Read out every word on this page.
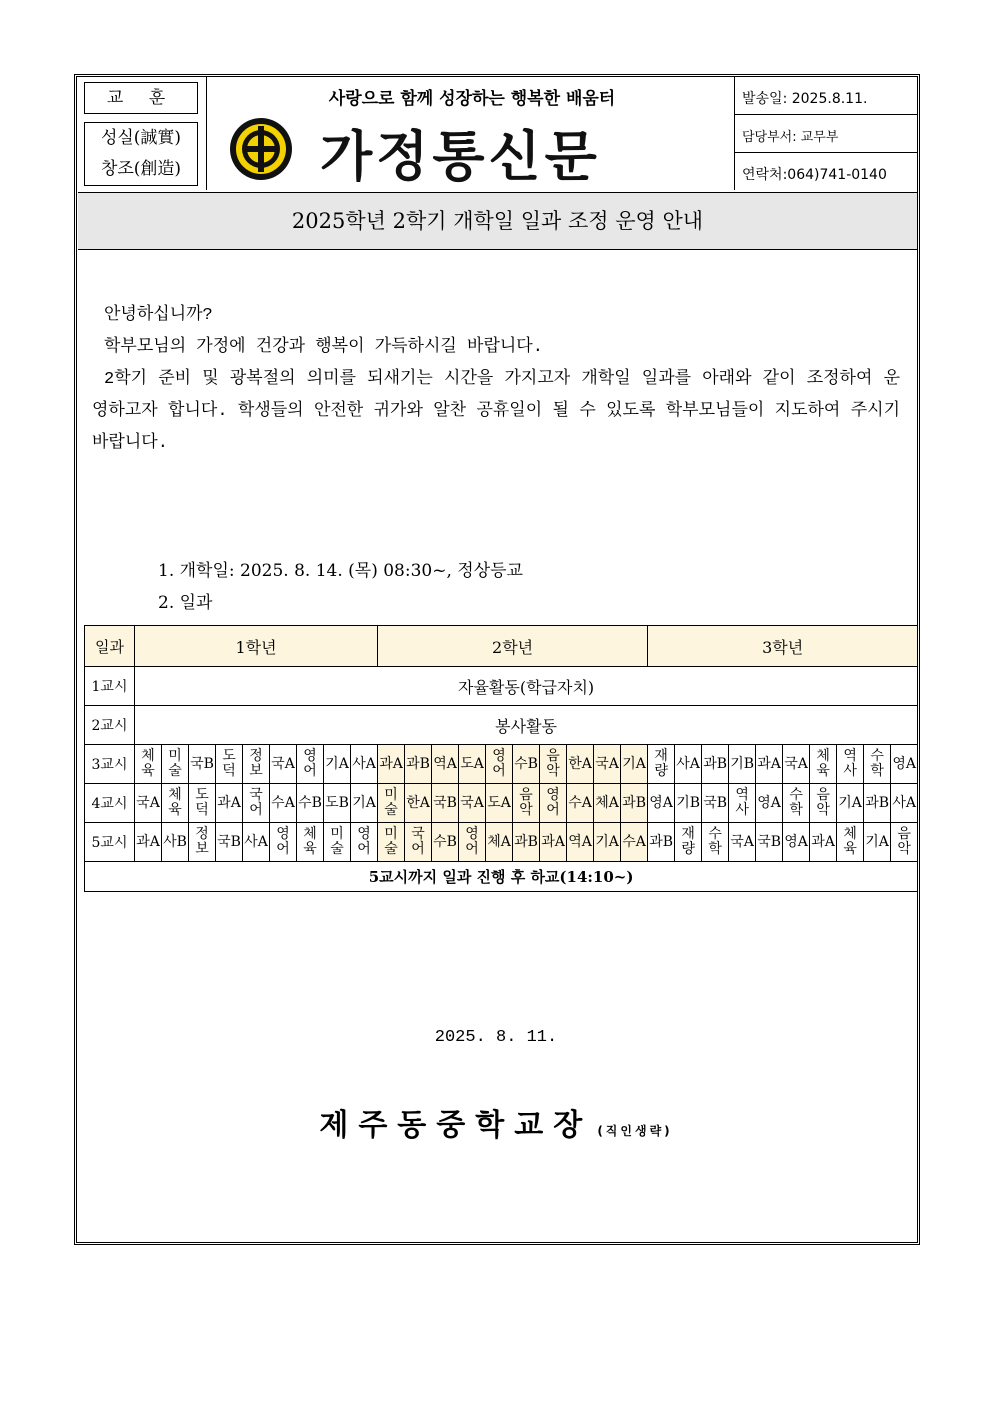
교 훈
성실(誠實)
창조(創造)
사랑으로 함께 성장하는 행복한 배움터
가정통신문
발송일: 2025.8.11.
담당부서: 교무부
연락처:064)741-0140
2025학년 2학기 개학일 일과 조정 운영 안내

안녕하십니까?

학부모님의 가정에 건강과 행복이 가득하시길 바랍니다.

2학기 준비 및 광복절의 의미를 되새기는 시간을 가지고자 개학일 일과를 아래와 같이 조정하여 운영하고자 합니다. 학생들의 안전한 귀가와 알찬 공휴일이 될 수 있도록 학부모님들이 지도하여 주시기 바랍니다.

1. 개학일: 2025. 8. 14. (목) 08:30~, 정상등교
2. 일과
일과	1학년									2학년										3학년									
1교시	자율활동(학급자치)																												
2교시	봉사활동																												
3교시	체육	미술	국B	도덕	정보	국A	영어	기A	사A	과A	과B	역A	도A	영어	수B	음악	한A	국A	기A	재량	사A	과B	기B	과A	국A	체육	역사	수학	영A
4교시	국A	체육	도덕	과A	국어	수A	수B	도B	기A	미술	한A	국B	국A	도A	음악	영어	수A	체A	과B	영A	기B	국B	역사	영A	수학	음악	기A	과B	사A
5교시	과A	사B	정보	국B	사A	영어	체육	미술	영어	미술	국어	수B	영어	체A	과B	과A	역A	기A	수A	과B	재량	수학	국A	국B	영A	과A	체육	기A	음악
5교시까지 일과 진행 후 하교(14:10~)																													
2025. 8. 11.
제주동중학교장 (직인생략)
